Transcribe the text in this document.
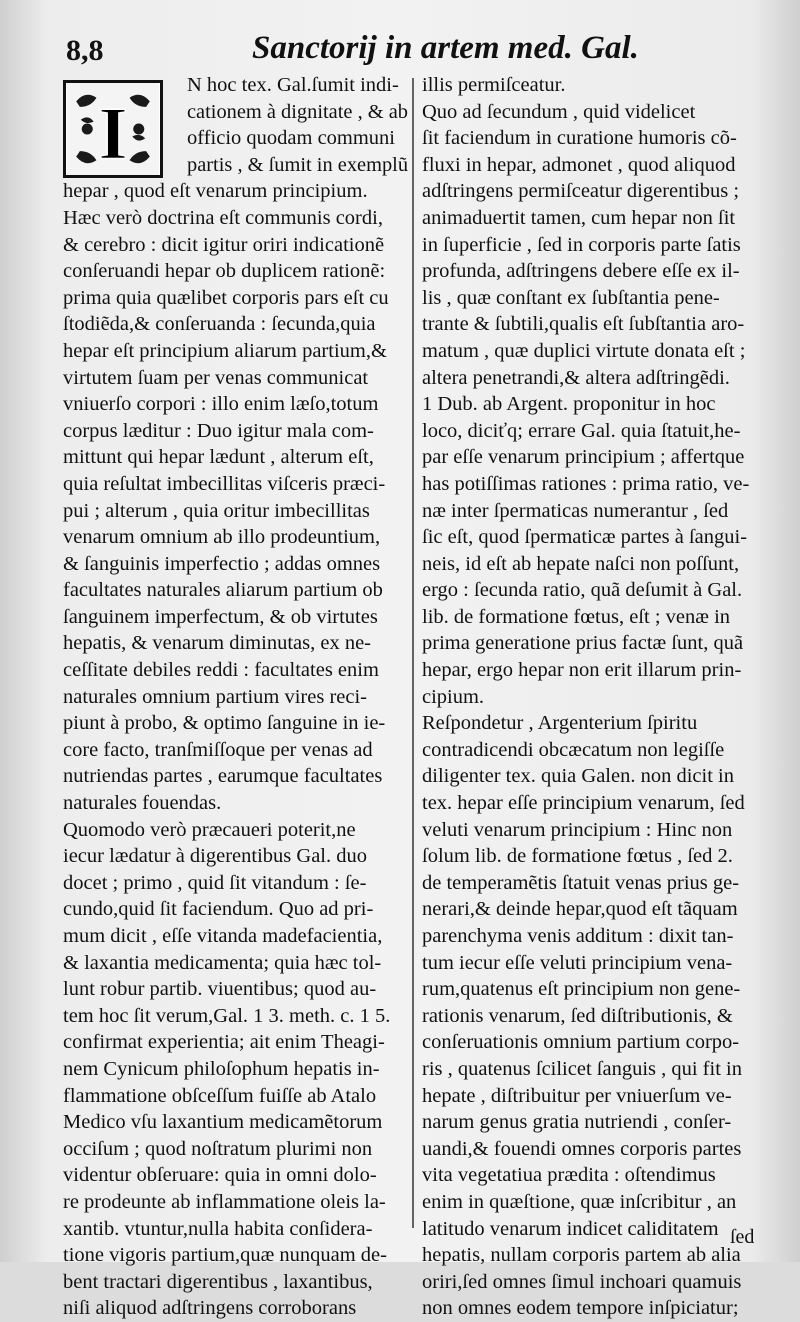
8,8	Sanctorij in artem med. Gal.
I
N hoc tex. Gal.ſumit indi-
cationem à dignitate , & ab
officio quodam communi
partis , & ſumit in exemplũ
hepar , quod eſt venarum principium.
Hæc verò doctrina eſt communis cordi,
& cerebro : dicit igitur oriri indicationẽ
conſeruandi hepar ob duplicem rationẽ:
prima quia quælibet corporis pars eſt cu
ſtodiẽda,& conſeruanda : ſecunda,quia
hepar eſt principium aliarum partium,&
virtutem ſuam per venas communicat
vniuerſo corpori : illo enim læſo,totum
corpus læditur : Duo igitur mala com-
mittunt qui hepar lædunt , alterum eſt,
quia reſultat imbecillitas viſceris præci-
pui ; alterum , quia oritur imbecillitas
venarum omnium ab illo prodeuntium,
& ſanguinis imperfectio ; addas omnes
facultates naturales aliarum partium ob
ſanguinem imperfectum, & ob virtutes
hepatis, & venarum diminutas, ex ne-
ceſſitate debiles reddi : facultates enim
naturales omnium partium vires reci-
piunt à probo, & optimo ſanguine in ie-
core facto, tranſmiſſoque per venas ad
nutriendas partes , earumque facultates
naturales fouendas.
Quomodo verò præcaueri poterit,ne
iecur lædatur à digerentibus Gal. duo
docet ; primo , quid ſit vitandum : ſe-
cundo,quid ſit faciendum. Quo ad pri-
mum dicit , eſſe vitanda madefacientia,
& laxantia medicamenta; quia hæc tol-
lunt robur partib. viuentibus; quod au-
tem hoc ſit verum,Gal. 1 3. meth. c. 1 5.
confirmat experientia; ait enim Theagi-
nem Cynicum philoſophum hepatis in-
flammatione obſceſſum fuiſſe ab Atalo
Medico vſu laxantium medicamẽtorum
occiſum ; quod noſtratum plurimi non
videntur obſeruare: quia in omni dolo-
re prodeunte ab inflammatione oleis la-
xantib. vtuntur,nulla habita conſidera-
tione vigoris partium,quæ nunquam de-
bent tractari digerentibus , laxantibus,
niſi aliquod adſtringens corroborans
illis permiſceatur.
Quo ad ſecundum , quid videlicet
ſit faciendum in curatione humoris cõ-
fluxi in hepar, admonet , quod aliquod
adſtringens permiſceatur digerentibus ;
animaduertit tamen, cum hepar non ſit
in ſuperficie , ſed in corporis parte ſatis
profunda, adſtringens debere eſſe ex il-
lis , quæ conſtant ex ſubſtantia pene-
trante & ſubtili,qualis eſt ſubſtantia aro-
matum , quæ duplici virtute donata eſt ;
altera penetrandi,& altera adſtringẽdi.
1 Dub. ab Argent. proponitur in hoc
loco, diciťq; errare Gal. quia ſtatuit,he-
par eſſe venarum principium ; affertque
has potiſſimas rationes : prima ratio, ve-
næ inter ſpermaticas numerantur , ſed
ſic eſt, quod ſpermaticæ partes à ſangui-
neis, id eſt ab hepate naſci non poſſunt,
ergo : ſecunda ratio, quã deſumit à Gal.
lib. de formatione fœtus, eſt ; venæ in
prima generatione prius factæ ſunt, quã
hepar, ergo hepar non erit illarum prin-
cipium.
Reſpondetur , Argenterium ſpiritu
contradicendi obcæcatum non legiſſe
diligenter tex. quia Galen. non dicit in
tex. hepar eſſe principium venarum, ſed
veluti venarum principium : Hinc non
ſolum lib. de formatione fœtus , ſed 2.
de temperamẽtis ſtatuit venas prius ge-
nerari,& deinde hepar,quod eſt tãquam
parenchyma venis additum : dixit tan-
tum iecur eſſe veluti principium vena-
rum,quatenus eſt principium non gene-
rationis venarum, ſed diſtributionis, &
conſeruationis omnium partium corpo-
ris , quatenus ſcilicet ſanguis , qui fit in
hepate , diſtribuitur per vniuerſum ve-
narum genus gratia nutriendi , conſer-
uandi,& fouendi omnes corporis partes
vita vegetatiua prædita : oſtendimus
enim in quæſtione, quæ inſcribitur , an
latitudo venarum indicet caliditatem
hepatis, nullam corporis partem ab alia
oriri,ſed omnes ſimul inchoari quamuis
non omnes eodem tempore inſpiciatur;
ſed
